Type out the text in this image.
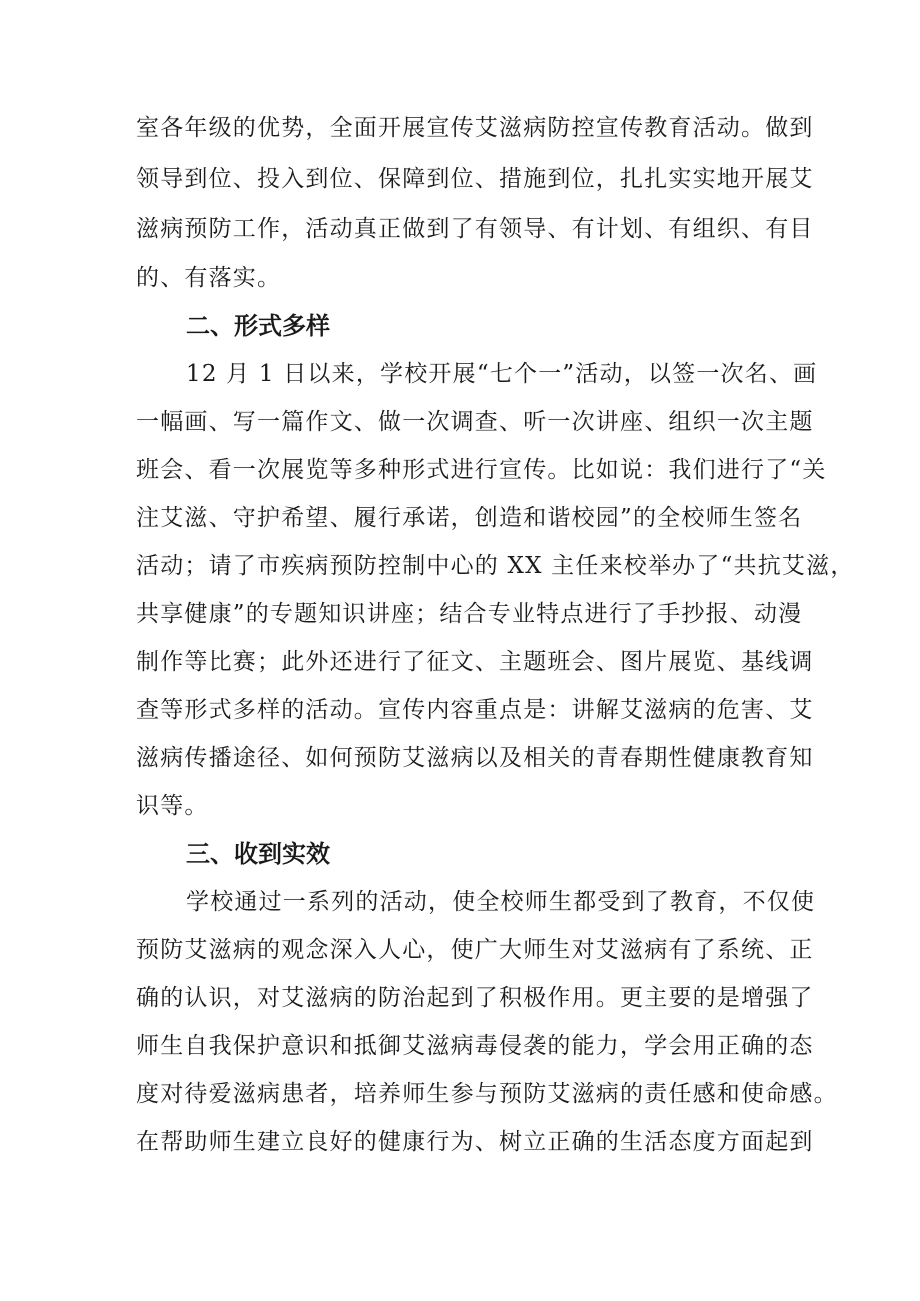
室各年级的优势，全面开展宣传艾滋病防控宣传教育活动。做到
领导到位、投入到位、保障到位、措施到位，扎扎实实地开展艾
滋病预防工作，活动真正做到了有领导、有计划、有组织、有目
的、有落实。
二、形式多样
12 月 1 日以来，学校开展“七个一”活动，以签一次名、画
一幅画、写一篇作文、做一次调查、听一次讲座、组织一次主题
班会、看一次展览等多种形式进行宣传。比如说：我们进行了“关
注艾滋、守护希望、履行承诺，创造和谐校园”的全校师生签名
活动；请了市疾病预防控制中心的 XX 主任来校举办了“共抗艾滋，
共享健康”的专题知识讲座；结合专业特点进行了手抄报、动漫
制作等比赛；此外还进行了征文、主题班会、图片展览、基线调
查等形式多样的活动。宣传内容重点是：讲解艾滋病的危害、艾
滋病传播途径、如何预防艾滋病以及相关的青春期性健康教育知
识等。
三、收到实效
学校通过一系列的活动，使全校师生都受到了教育，不仅使
预防艾滋病的观念深入人心，使广大师生对艾滋病有了系统、正
确的认识，对艾滋病的防治起到了积极作用。更主要的是增强了
师生自我保护意识和抵御艾滋病毒侵袭的能力，学会用正确的态
度对待爱滋病患者，培养师生参与预防艾滋病的责任感和使命感。
在帮助师生建立良好的健康行为、树立正确的生活态度方面起到
